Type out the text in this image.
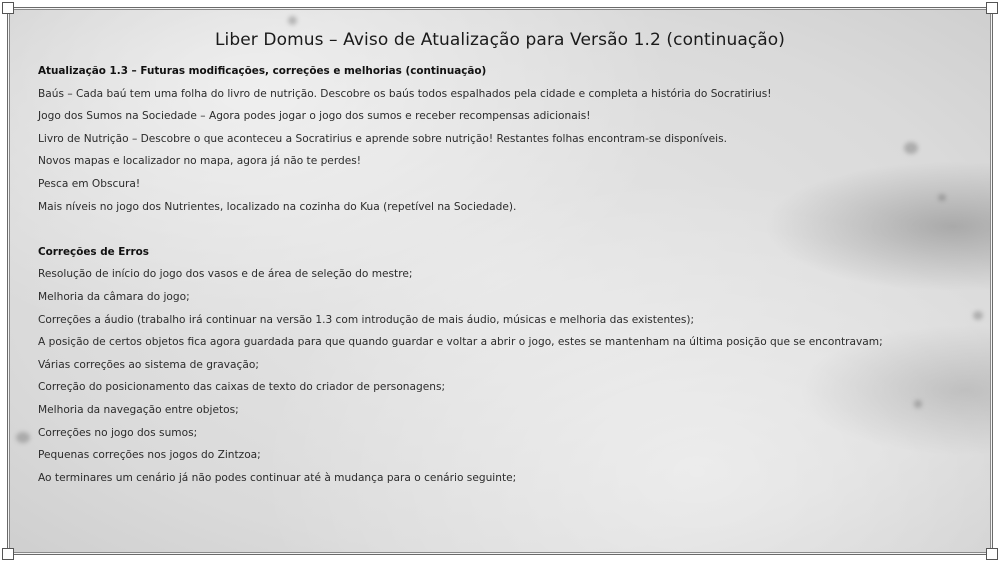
Liber Domus – Aviso de Atualização para Versão 1.2 (continuação)
Atualização 1.3 – Futuras modificações, correções e melhorias (continuação)
Baús – Cada baú tem uma folha do livro de nutrição. Descobre os baús todos espalhados pela cidade e completa a história do Socratirius!
Jogo dos Sumos na Sociedade – Agora podes jogar o jogo dos sumos e receber recompensas adicionais!
Livro de Nutrição – Descobre o que aconteceu a Socratirius e aprende sobre nutrição! Restantes folhas encontram-se disponíveis.
Novos mapas e localizador no mapa, agora já não te perdes!
Pesca em Obscura!
Mais níveis no jogo dos Nutrientes, localizado na cozinha do Kua (repetível na Sociedade).
Correções de Erros
Resolução de início do jogo dos vasos e de área de seleção do mestre;
Melhoria da câmara do jogo;
Correções a áudio (trabalho irá continuar na versão 1.3 com introdução de mais áudio, músicas e melhoria das existentes);
A posição de certos objetos fica agora guardada para que quando guardar e voltar a abrir o jogo, estes se mantenham na última posição que se encontravam;
Várias correções ao sistema de gravação;
Correção do posicionamento das caixas de texto do criador de personagens;
Melhoria da navegação entre objetos;
Correções no jogo dos sumos;
Pequenas correções nos jogos do Zintzoa;
Ao terminares um cenário já não podes continuar até à mudança para o cenário seguinte;
